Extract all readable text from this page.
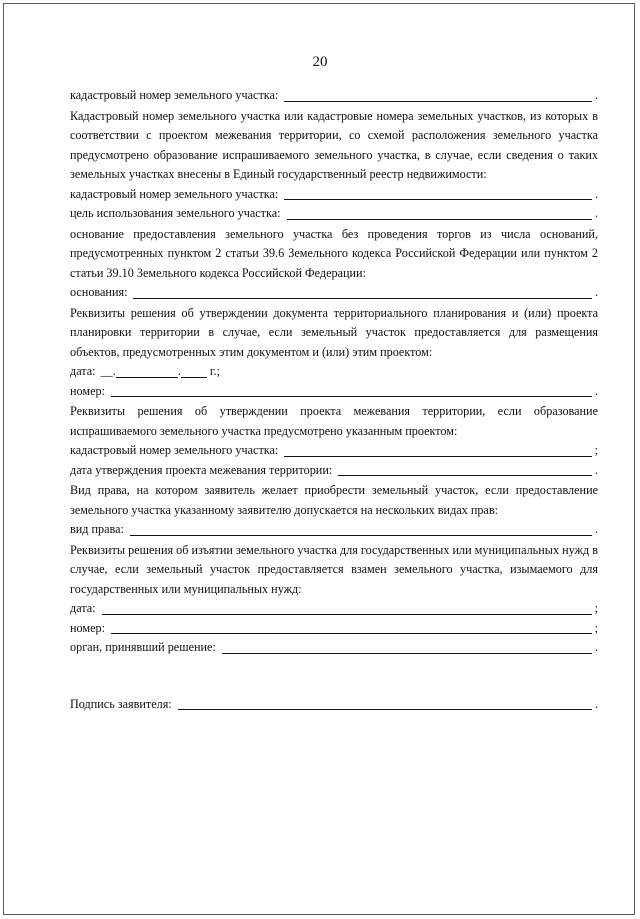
20
кадастровый номер земельного участка:	.

Кадастровый номер земельного участка или кадастровые номера земельных участков, из которых в соответствии с проектом межевания территории, со схемой расположения земельного участка предусмотрено образование испрашиваемого земельного участка, в случае, если сведения о таких земельных участках внесены в Единый государственный реестр недвижимости:

кадастровый номер земельного участка:	.
цель использования земельного участка:	.

основание предоставления земельного участка без проведения торгов из числа оснований, предусмотренных пунктом 2 статьи 39.6 Земельного кодекса Российской Федерации или пунктом 2 статьи 39.10 Земельного кодекса Российской Федерации:

основания:	.

Реквизиты решения об утверждении документа территориального планирования и (или) проекта планировки территории в случае, если земельный участок предоставляется для размещения объектов, предусмотренных этим документом и (или) этим проектом:

дата: __.	. г.;
номер:	.

Реквизиты решения об утверждении проекта межевания территории, если образование испрашиваемого земельного участка предусмотрено указанным проектом:

кадастровый номер земельного участка:	;
дата утверждения проекта межевания территории:	.

Вид права, на котором заявитель желает приобрести земельный участок, если предоставление земельного участка указанному заявителю допускается на нескольких видах прав:

вид права:	.

Реквизиты решения об изъятии земельного участка для государственных или муниципальных нужд в случае, если земельный участок предоставляется взамен земельного участка, изымаемого для государственных или муниципальных нужд:

дата:	;
номер:	;
орган, принявший решение:	.
Подпись заявителя:	.
